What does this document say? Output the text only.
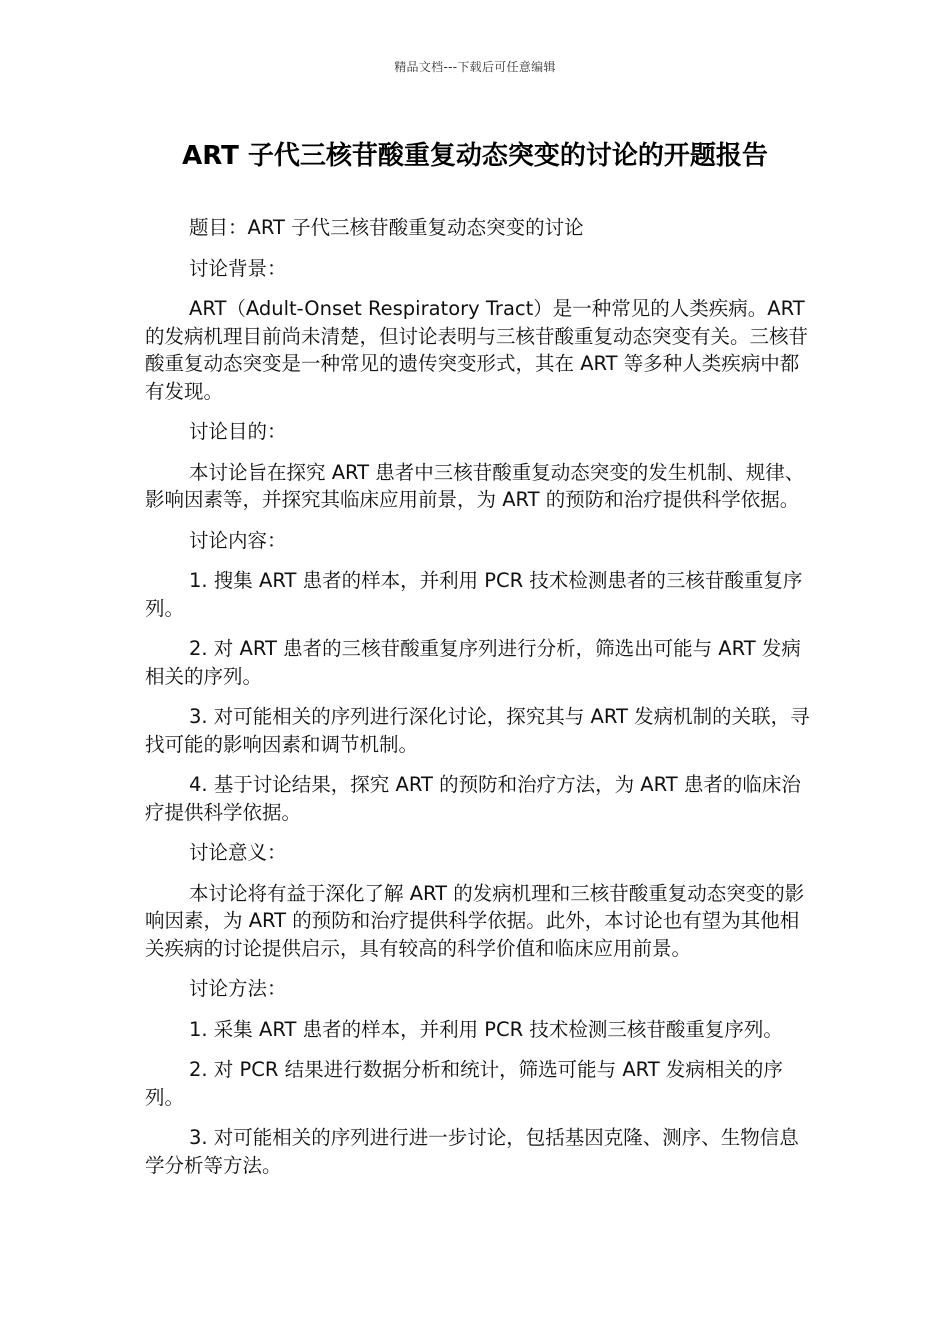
精品文档---下载后可任意编辑
ART 子代三核苷酸重复动态突变的讨论的开题报告

题目：ART 子代三核苷酸重复动态突变的讨论

讨论背景：

ART（Adult-Onset Respiratory Tract）是一种常见的人类疾病。ART 的发病机理目前尚未清楚，但讨论表明与三核苷酸重复动态突变有关。三核苷酸重复动态突变是一种常见的遗传突变形式，其在 ART 等多种人类疾病中都有发现。

讨论目的：

本讨论旨在探究 ART 患者中三核苷酸重复动态突变的发生机制、规律、影响因素等，并探究其临床应用前景，为 ART 的预防和治疗提供科学依据。

讨论内容：

1. 搜集 ART 患者的样本，并利用 PCR 技术检测患者的三核苷酸重复序列。

2. 对 ART 患者的三核苷酸重复序列进行分析，筛选出可能与 ART 发病相关的序列。

3. 对可能相关的序列进行深化讨论，探究其与 ART 发病机制的关联，寻找可能的影响因素和调节机制。

4. 基于讨论结果，探究 ART 的预防和治疗方法，为 ART 患者的临床治疗提供科学依据。

讨论意义：

本讨论将有益于深化了解 ART 的发病机理和三核苷酸重复动态突变的影响因素，为 ART 的预防和治疗提供科学依据。此外，本讨论也有望为其他相关疾病的讨论提供启示，具有较高的科学价值和临床应用前景。

讨论方法：

1. 采集 ART 患者的样本，并利用 PCR 技术检测三核苷酸重复序列。

2. 对 PCR 结果进行数据分析和统计，筛选可能与 ART 发病相关的序列。

3. 对可能相关的序列进行进一步讨论，包括基因克隆、测序、生物信息学分析等方法。
